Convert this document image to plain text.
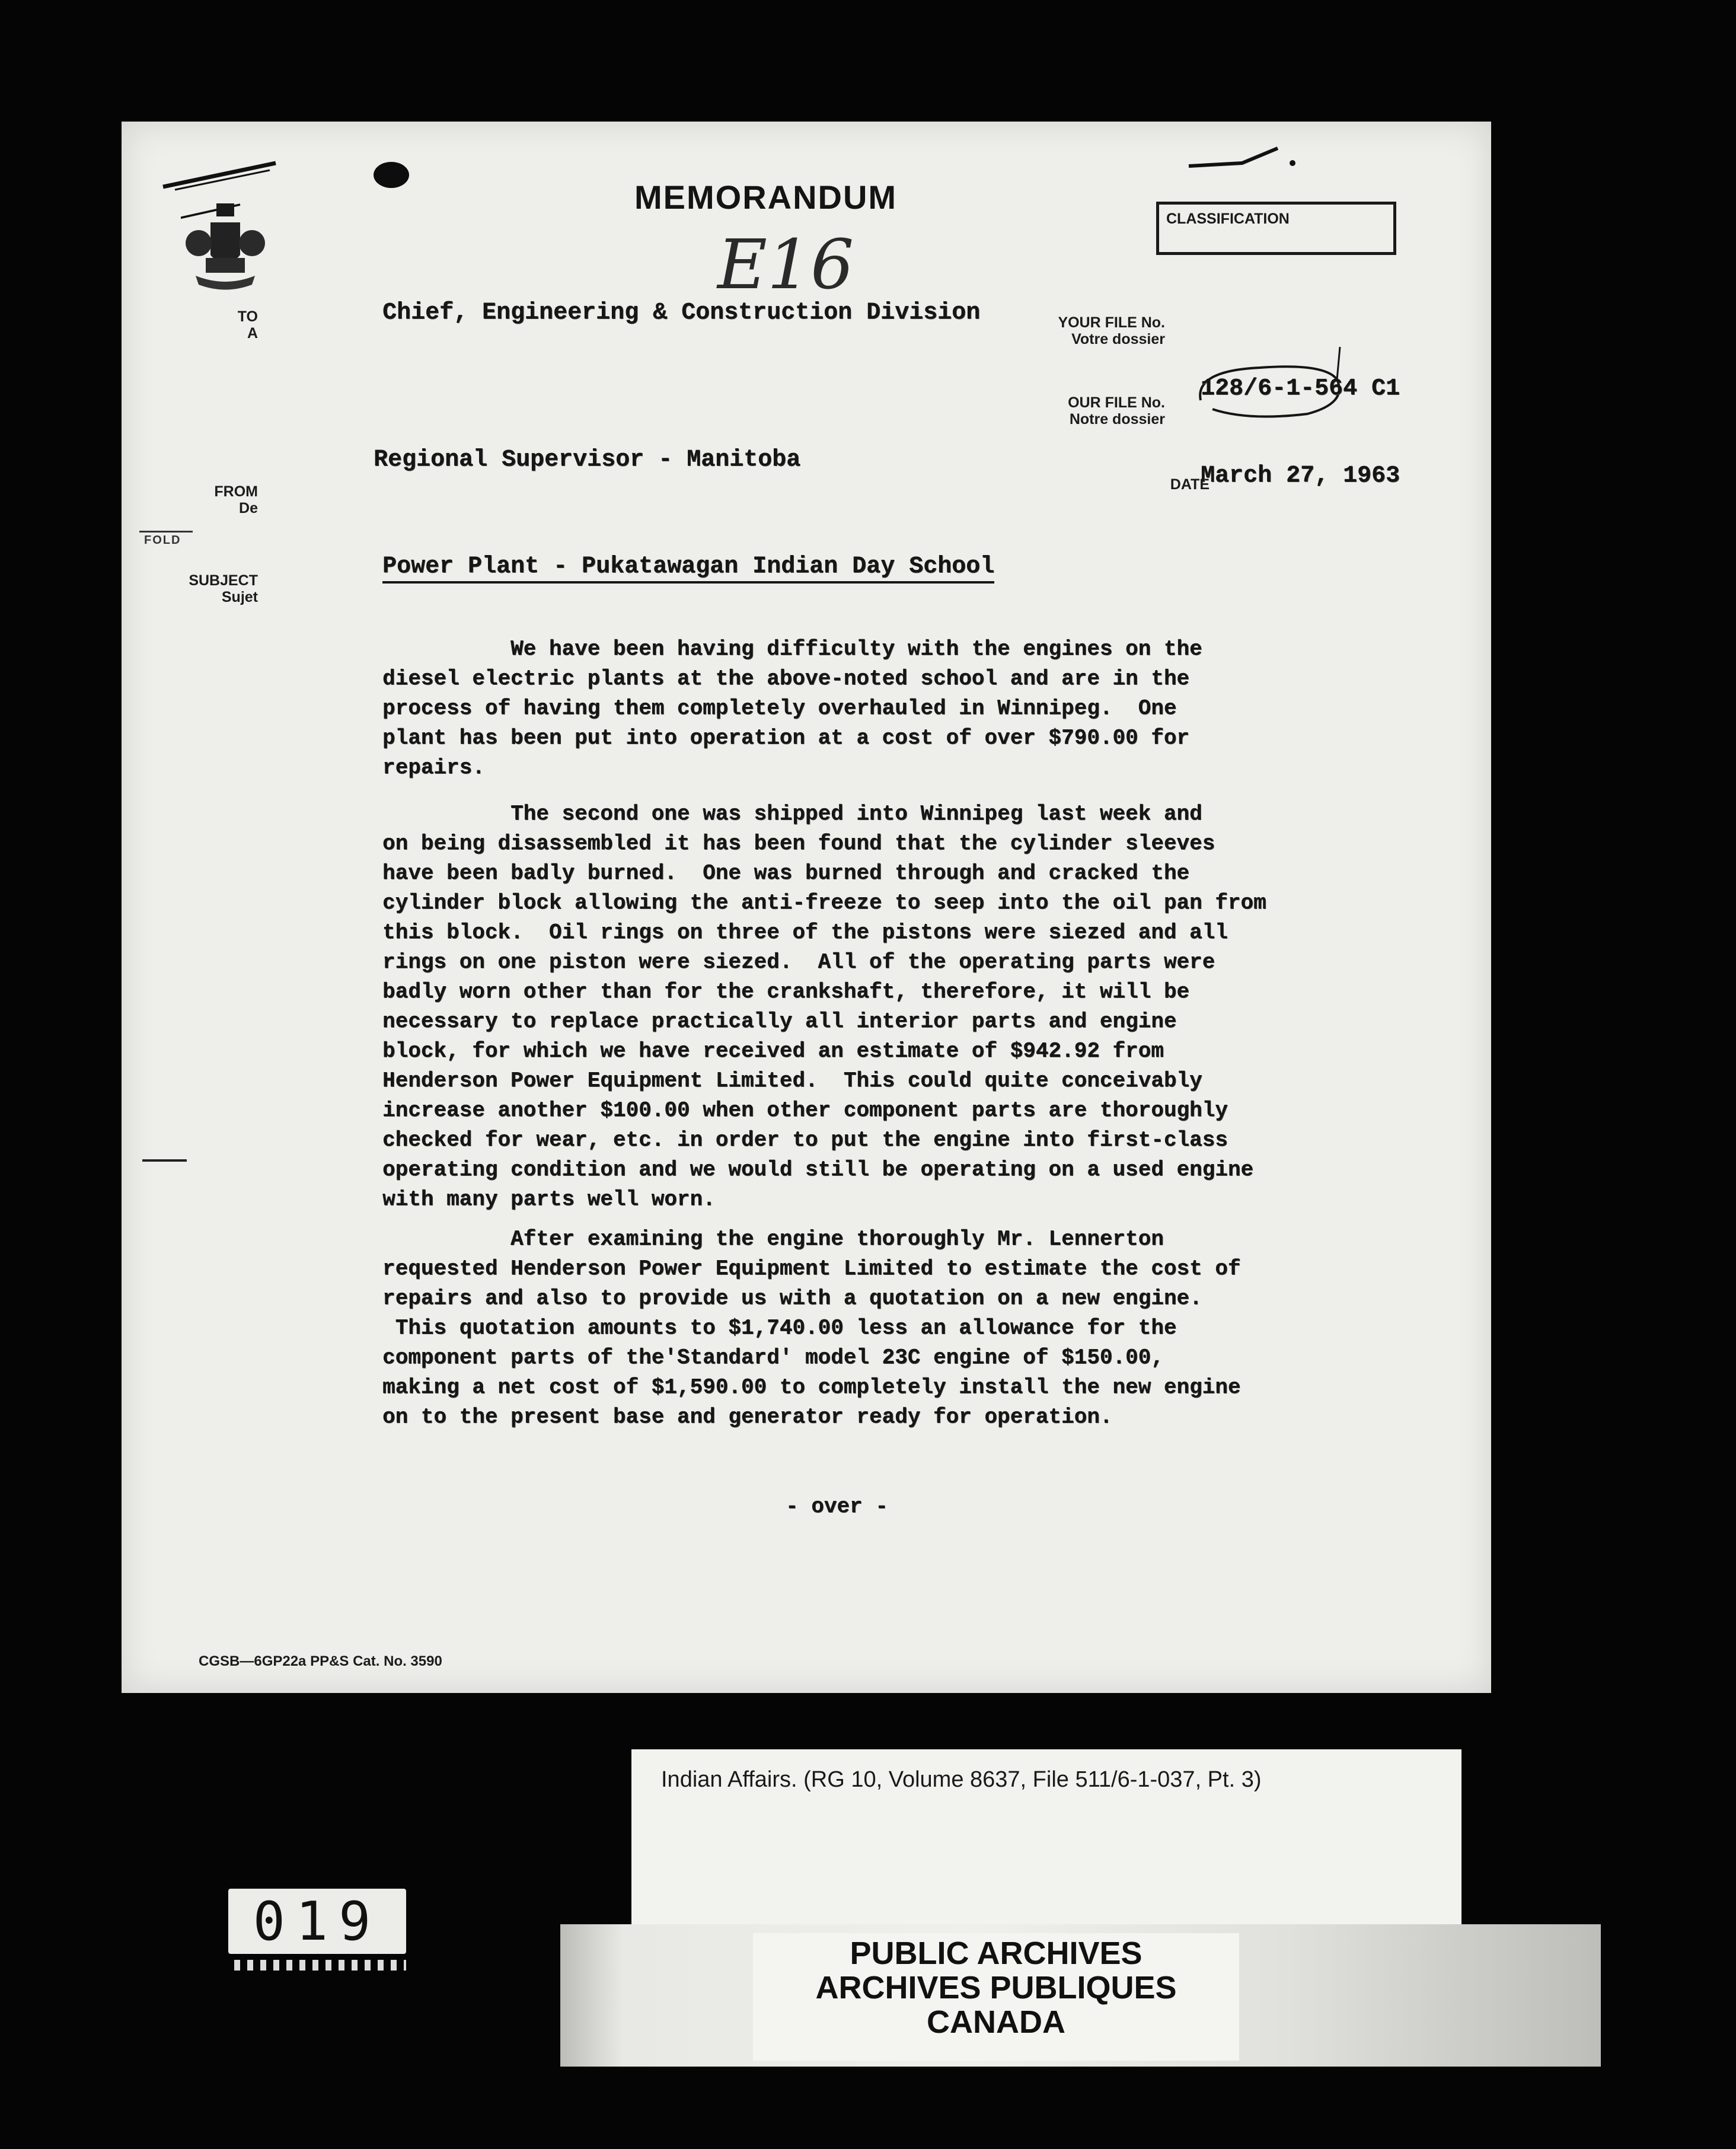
MEMORANDUM
CLASSIFICATION
E16
TO
A
Chief, Engineering & Construction Division	YOUR FILE No.
Votre dossier
OUR FILE No.
Notre dossier
128/6-1-564 C1
Regional Supervisor - Manitoba
FROM
De
DATE
March 27, 1963
FOLD
SUBJECT
Sujet
Power Plant - Pukatawagan Indian Day School
We have been having difficulty with the engines on the
diesel electric plants at the above-noted school and are in the
process of having them completely overhauled in Winnipeg.  One
plant has been put into operation at a cost of over $790.00 for
repairs.
The second one was shipped into Winnipeg last week and
on being disassembled it has been found that the cylinder sleeves
have been badly burned.  One was burned through and cracked the
cylinder block allowing the anti-freeze to seep into the oil pan from
this block.  Oil rings on three of the pistons were siezed and all
rings on one piston were siezed.  All of the operating parts were
badly worn other than for the crankshaft, therefore, it will be
necessary to replace practically all interior parts and engine
block, for which we have received an estimate of $942.92 from
Henderson Power Equipment Limited.  This could quite conceivably
increase another $100.00 when other component parts are thoroughly
checked for wear, etc. in order to put the engine into first-class
operating condition and we would still be operating on a used engine
with many parts well worn.
After examining the engine thoroughly Mr. Lennerton
requested Henderson Power Equipment Limited to estimate the cost of
repairs and also to provide us with a quotation on a new engine.
This quotation amounts to $1,740.00 less an allowance for the
component parts of the'Standard' model 23C engine of $150.00,
making a net cost of $1,590.00 to completely install the new engine
on to the present base and generator ready for operation.
- over -
CGSB—6GP22a PP&S Cat. No. 3590
Indian Affairs. (RG 10, Volume 8637, File 511/6-1-037, Pt. 3)
019
PUBLIC ARCHIVES
ARCHIVES PUBLIQUES
CANADA
